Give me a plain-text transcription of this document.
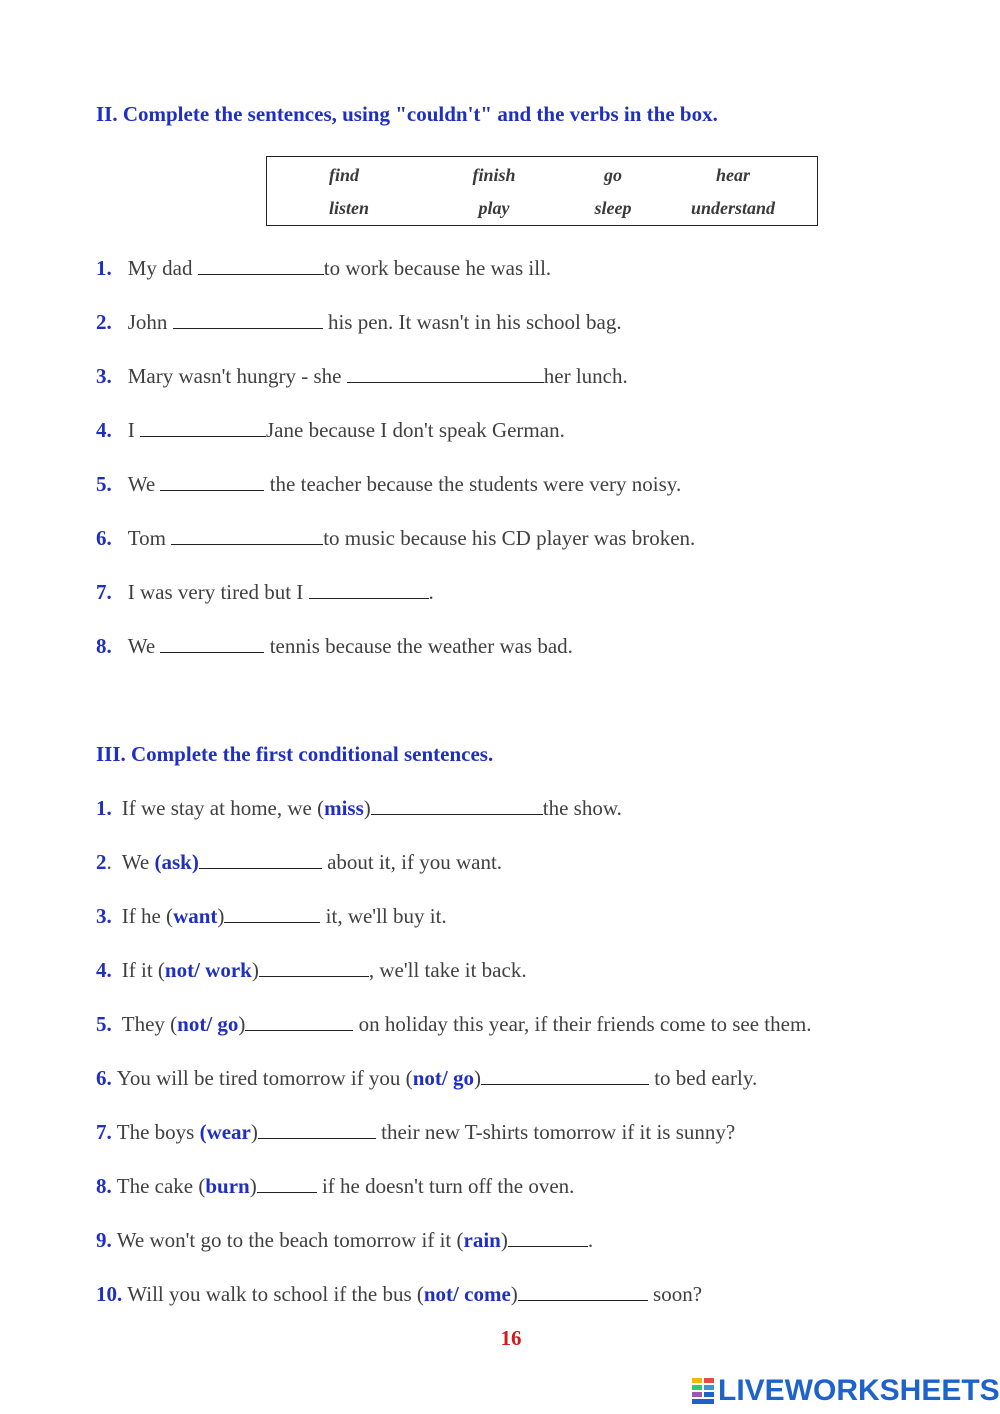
II. Complete the sentences, using "couldn't" and the verbs in the box.
find	finish	go	hear
listen	play	sleep	understand
1. My dad	to work because he was ill.
2. John	his pen. It wasn't in his school bag.
3. Mary wasn't hungry - she	her lunch.
4. I	Jane because I don't speak German.
5. We	the teacher because the students were very noisy.
6. Tom	to music because his CD player was broken.
7. I was very tired but I	.
8. We	tennis because the weather was bad.
III. Complete the first conditional sentences.
1. If we stay at home, we (miss)	the show.
2. We (ask)	about it, if you want.
3. If he (want)	it, we'll buy it.
4. If it (not/ work)	, we'll take it back.
5. They (not/ go)	on holiday this year, if their friends come to see them.
6. You will be tired tomorrow if you (not/ go)	to bed early.
7. The boys (wear)	their new T-shirts tomorrow if it is sunny?
8. The cake (burn)	if he doesn't turn off the oven.
9. We won't go to the beach tomorrow if it (rain)	.
10. Will you walk to school if the bus (not/ come)	soon?
16
LIVEWORKSHEETS
